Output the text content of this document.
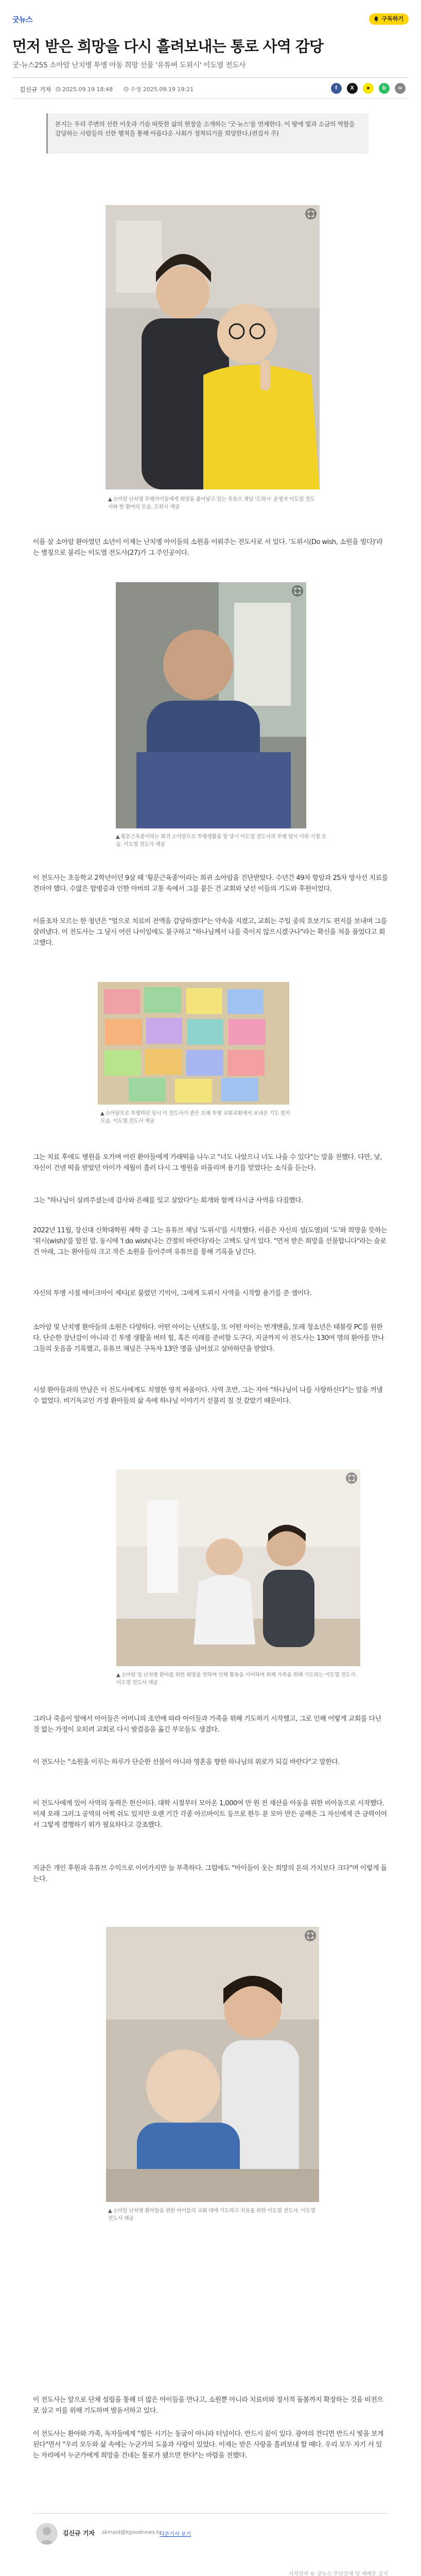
굿뉴스	구독하기
먼저 받은 희망을 다시 흘려보내는 통로 사역 감당

굿·뉴스255 소아암 난치병 투병 아동 희망 선물 '유튜버 도위시' 이도열 전도사

김신규 기자	2025.09.19 18:48	수정 2025.09.19 19:21	f X ● b ∞
본지는 우리 주변의 선한 이웃과 기슴 따뜻한 삶의 현장을 소개하는 '굿·뉴스'를 연재한다. 이 땅에 빛과 소금의 역할을 감당하는 사람들의 선한 행적을 통해 아름다운 사회가 정착되기를 희망한다.(편집자 주)
▲ 소아암 난치병 투병아이들에게 희망을 불어넣고 있는 유튜브 채널 '도위시' 운영자 이도열 전도사와 한 환아의 모습. 도위시 제공

이름 살 소아암 환아였던 소년이 이제는 난치병 아이들의 소원을 이뤄주는 전도사로 서 있다. '도위시(Do wish, 소원을 빌다)'라는 별칭으로 불리는 이도열 전도사(27)가 그 주인공이다.

▲ 횡문근육종이라는 희귀 소아암으로 투병생활을 할 당시 이도열 전도사의 투병 당시 어린 시절 모습. 이도열 전도사 제공

이 전도사는 초등학교 2학년이던 9살 때 '횡문근육종'이라는 희귀 소아암을 진단받았다. 수년간 49차 항암과 25차 방사선 치료를 견뎌야 했다. 수많은 합병증과 인한 아버의 고통 속에서 그를 붙든 건 교회와 낯선 이들의 기도와 후원이었다.

이름조차 모르는 한 청년은 "얼으로 치료비 전액을 감당하겠다"는 약속을 지켰고, 교회는 주일 중의 호보기도 편지를 보내며 그를 살려냈다. 이 전도사는 그 당시 어린 나이임에도 불구하고 "하나님께서 나를 죽이지 않으시겠구나"라는 확신을 처음 품었다고 회고했다.

▲ 소아암으로 투병하던 당시 이 전도사가 받은 오래 투병 교회교회에서 보내온 기도 편지 모습. 이도열 전도사 제공

그는 치료 후에도 병원을 오가며 어린 환아들에게 가래떡을 나누고 "너도 나았으니 너도 나을 수 있다"는 말을 전했다. 다만, 낯, 자신이 건넨 떡을 받았던 아이가 세월이 흘러 다시 그 병원을 떠올리며 용기를 얻었다는 소식을 듣는다.

그는 "하나님이 살려주셨는데 감사와 은혜를 잊고 살았다"는 회개와 함께 다시금 사역을 다짐했다.

2022년 11월, 장신대 신학대학원 재학 중 그는 유튜브 채널 '도위시'를 시작했다. 이름은 자신의 성(도열)의 '도'와 희망을 뜻하는 '위시(wish)'를 합친 말. 동시에 'I do wish(나는 간절히 바란다)'라는 고백도 담겨 있다. "먼저 받은 희망을 선물합니다"라는 슬로건 아래, 그는 환아들의 크고 작은 소원을 들어주며 유튜브를 통해 기록을 남긴다.

자신의 투병 시절 에이크아이 제티(로 불렸던 기억이, 그에게 도위시 사역을 시작할 용기를 준 셈이다.

소아암 및 난치병 환아들의 소원은 다양하다. 어떤 아이는 닌텐도를, 또 어떤 아이는 번개맨을, 또래 청소년은 태블릿 PC를 원한다. 단순한 장난감이 아니라 긴 투병 생활을 버텨 힘, 혹은 미래를 준비할 도구다. 지금까지 이 전도사는 130여 명의 환아를 만나 그들의 웃음을 기록했고, 유튜브 채널은 구독자 13만 명을 넘어섰고 살바하던을 받았다.

시설 환아들과의 만남은 이 전도사에게도 치열한 영적 싸움이다. 사역 초반, 그는 자아 "하나님이 나를 사랑하신다"는 말을 꺼낼 수 없었다. 비기독교인 가정 환아들의 삶 속에 하나님 이야기기 섣불리 칠 것 같았기 때문이다.

▲ 소아암 및 난치병 환아를 위한 희망을 전하며 인해 활동을 이어하며 위해 가족을 위해 기도하는 이도열 전도사. 이도열 전도사 제공

그러나 죽음이 앞에서 아이들은 어머니의 조언에 따라 아이들과 가족을 위해 기도하기 시작했고, 그로 인해 어떻게 교회를 다닌 것 없는 가정이 오히려 교회로 다시 발걸음을 옮긴 부모들도 생겼다.

이 전도사는 "소원을 이루는 하루가 단순한 선물이 아니라 영혼을 향한 하나님의 위로가 되길 바란다"고 말한다.

이 전도사에게 있어 사역의 동력은 헌신이다. 대학 시절부터 모아온 1,000여 만 원 전 재산을 아동을 위한 비아동으로 시작했다. 이제 오래 그러그 공역의 어쩍 쉬도 있지만 오랜 기간 각종 아르바이트 등으로 한두 푼 모아 만든 공백은 그 자신에게 큰 금력이어서 그렇게 결행하기 위가 필요하다고 강조했다.

지금은 개인 후원과 유튜브 수익으로 이어가지만 늘 부족하다. 그럼에도 "아이들이 웃는 희망의 돈의 가치보다 크다"며 이렇게 돕는다.

▲ 소아암 난치병 환아들을 위한 아이들의 교회 데에 기도하고 치유를 위한 이도열 전도사. 이도열 전도사 제공

이 전도사는 앞으로 단체 설립을 통해 더 많은 아이들을 만나고, 소원뿐 아니라 치료비와 정서적 돌봄까지 확장하는 것을 비전으로 삼고 이를 위해 기도하며 발돋서하고 있다.

이 전도사는 환아와 가족, 독자들에게 "힘든 시기는 동굴이 아니라 터널이다. 반드시 끝이 있다. 광야의 견디면 반드시 빛을 보게 된다"면서 "우리 모두와 삶 속에는 누군가의 도움과 사랑이 있었다. 이제는 받은 사랑을 흘려보내 할 때다. 우리 모두 자기 서 있는 자리에서 누군가에게 희망을 건네는 통로가 됐으면 한다"는 바람을 전했다.

김신규 기자 skmaid@kgoodnews.kr
다른기사 보기
저작권자 © 굿뉴스 무단전재 및 재배포 금지
